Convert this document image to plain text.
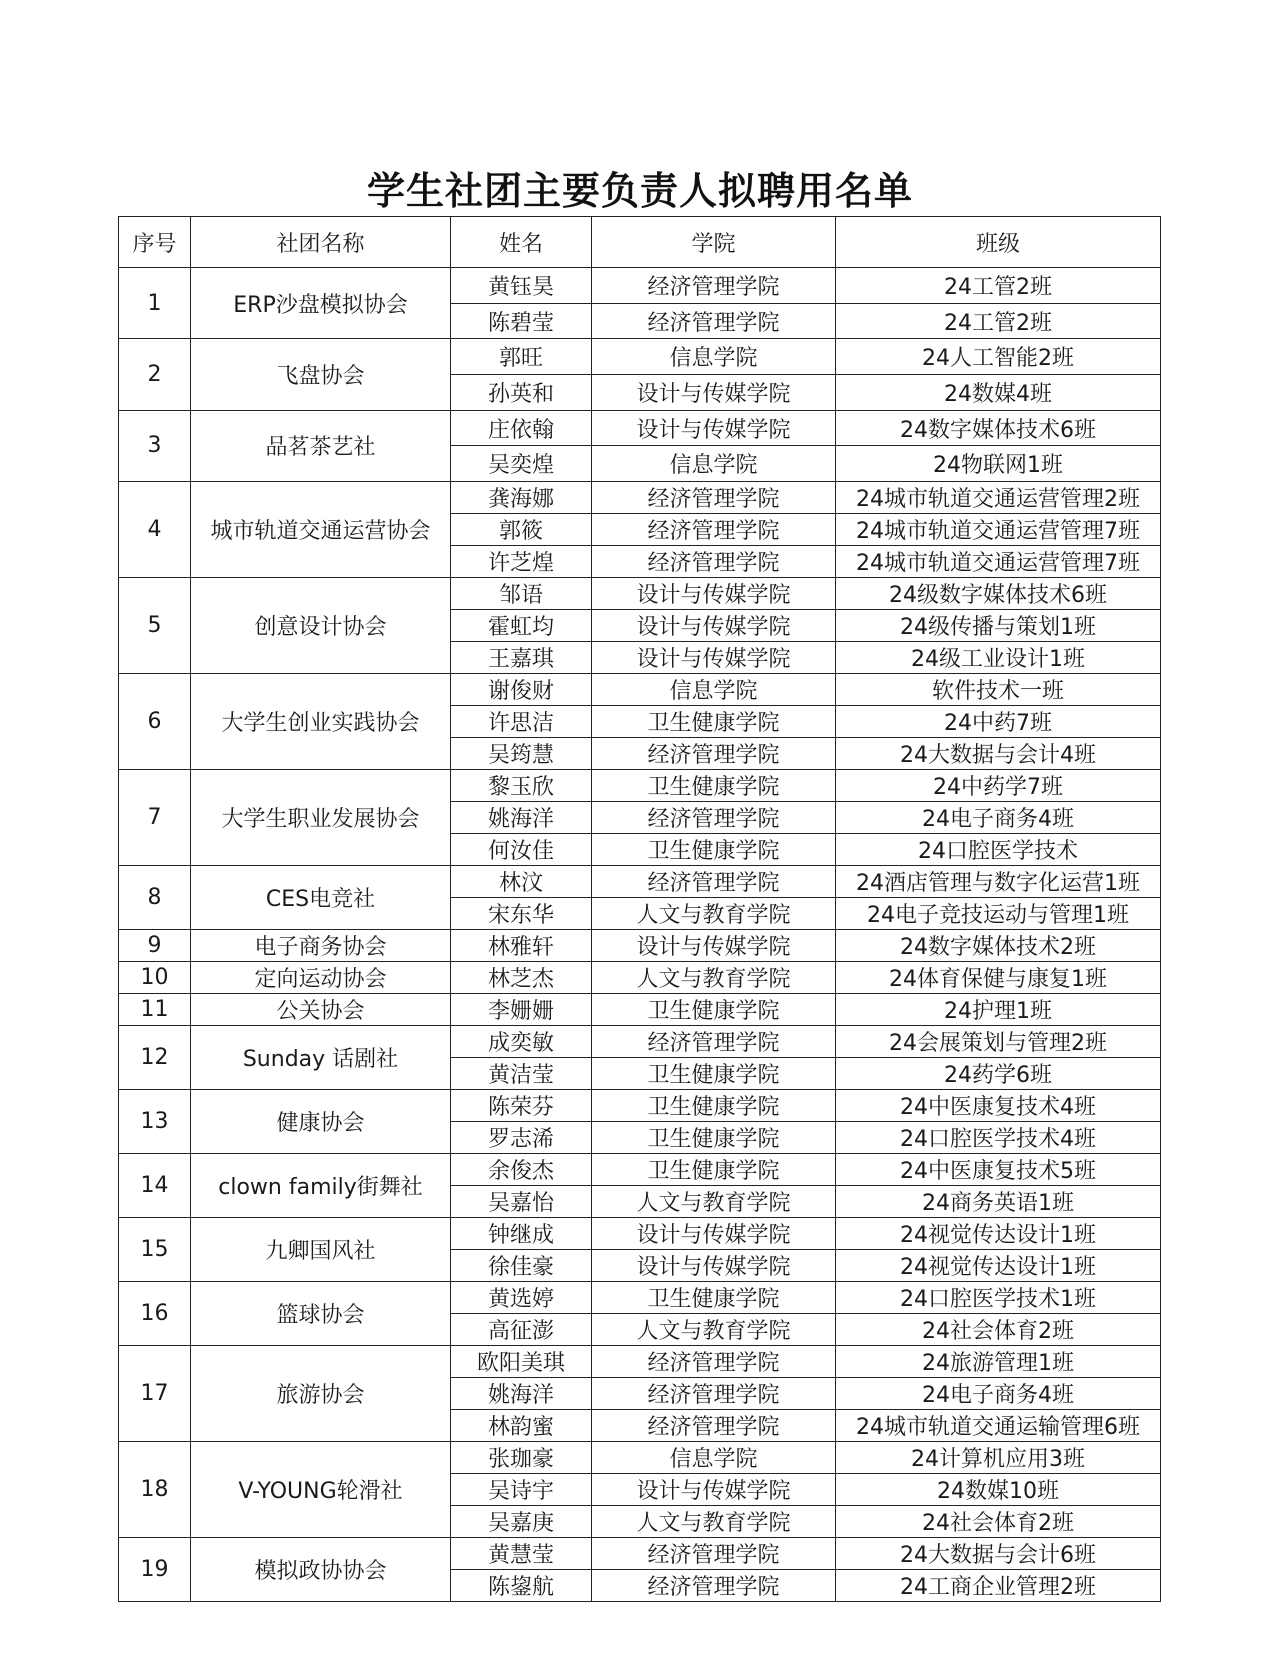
学生社团主要负责人拟聘用名单
序号	社团名称	姓名	学院	班级
1	ERP沙盘模拟协会	黄钰昊	经济管理学院	24工管2班
		陈碧莹	经济管理学院	24工管2班
2	飞盘协会	郭旺	信息学院	24人工智能2班
		孙英和	设计与传媒学院	24数媒4班
3	品茗茶艺社	庄依翰	设计与传媒学院	24数字媒体技术6班
		吴奕煌	信息学院	24物联网1班
4	城市轨道交通运营协会	龚海娜	经济管理学院	24城市轨道交通运营管理2班
		郭筱	经济管理学院	24城市轨道交通运营管理7班
		许芝煌	经济管理学院	24城市轨道交通运营管理7班
5	创意设计协会	邹语	设计与传媒学院	24级数字媒体技术6班
		霍虹均	设计与传媒学院	24级传播与策划1班
		王嘉琪	设计与传媒学院	24级工业设计1班
6	大学生创业实践协会	谢俊财	信息学院	软件技术一班
		许思洁	卫生健康学院	24中药7班
		吴筠慧	经济管理学院	24大数据与会计4班
7	大学生职业发展协会	黎玉欣	卫生健康学院	24中药学7班
		姚海洋	经济管理学院	24电子商务4班
		何汝佳	卫生健康学院	24口腔医学技术
8	CES电竞社	林汶	经济管理学院	24酒店管理与数字化运营1班
		宋东华	人文与教育学院	24电子竞技运动与管理1班
9	电子商务协会	林雅轩	设计与传媒学院	24数字媒体技术2班
10	定向运动协会	林芝杰	人文与教育学院	24体育保健与康复1班
11	公关协会	李姗姗	卫生健康学院	24护理1班
12	Sunday 话剧社	成奕敏	经济管理学院	24会展策划与管理2班
		黄洁莹	卫生健康学院	24药学6班
13	健康协会	陈荣芬	卫生健康学院	24中医康复技术4班
		罗志浠	卫生健康学院	24口腔医学技术4班
14	clown family街舞社	余俊杰	卫生健康学院	24中医康复技术5班
		吴嘉怡	人文与教育学院	24商务英语1班
15	九卿国风社	钟继成	设计与传媒学院	24视觉传达设计1班
		徐佳豪	设计与传媒学院	24视觉传达设计1班
16	篮球协会	黄选婷	卫生健康学院	24口腔医学技术1班
		高征澎	人文与教育学院	24社会体育2班
17	旅游协会	欧阳美琪	经济管理学院	24旅游管理1班
		姚海洋	经济管理学院	24电子商务4班
		林韵蜜	经济管理学院	24城市轨道交通运输管理6班
18	V-YOUNG轮滑社	张珈豪	信息学院	24计算机应用3班
		吴诗宇	设计与传媒学院	24数媒10班
		吴嘉庚	人文与教育学院	24社会体育2班
19	模拟政协协会	黄慧莹	经济管理学院	24大数据与会计6班
		陈鋆航	经济管理学院	24工商企业管理2班
